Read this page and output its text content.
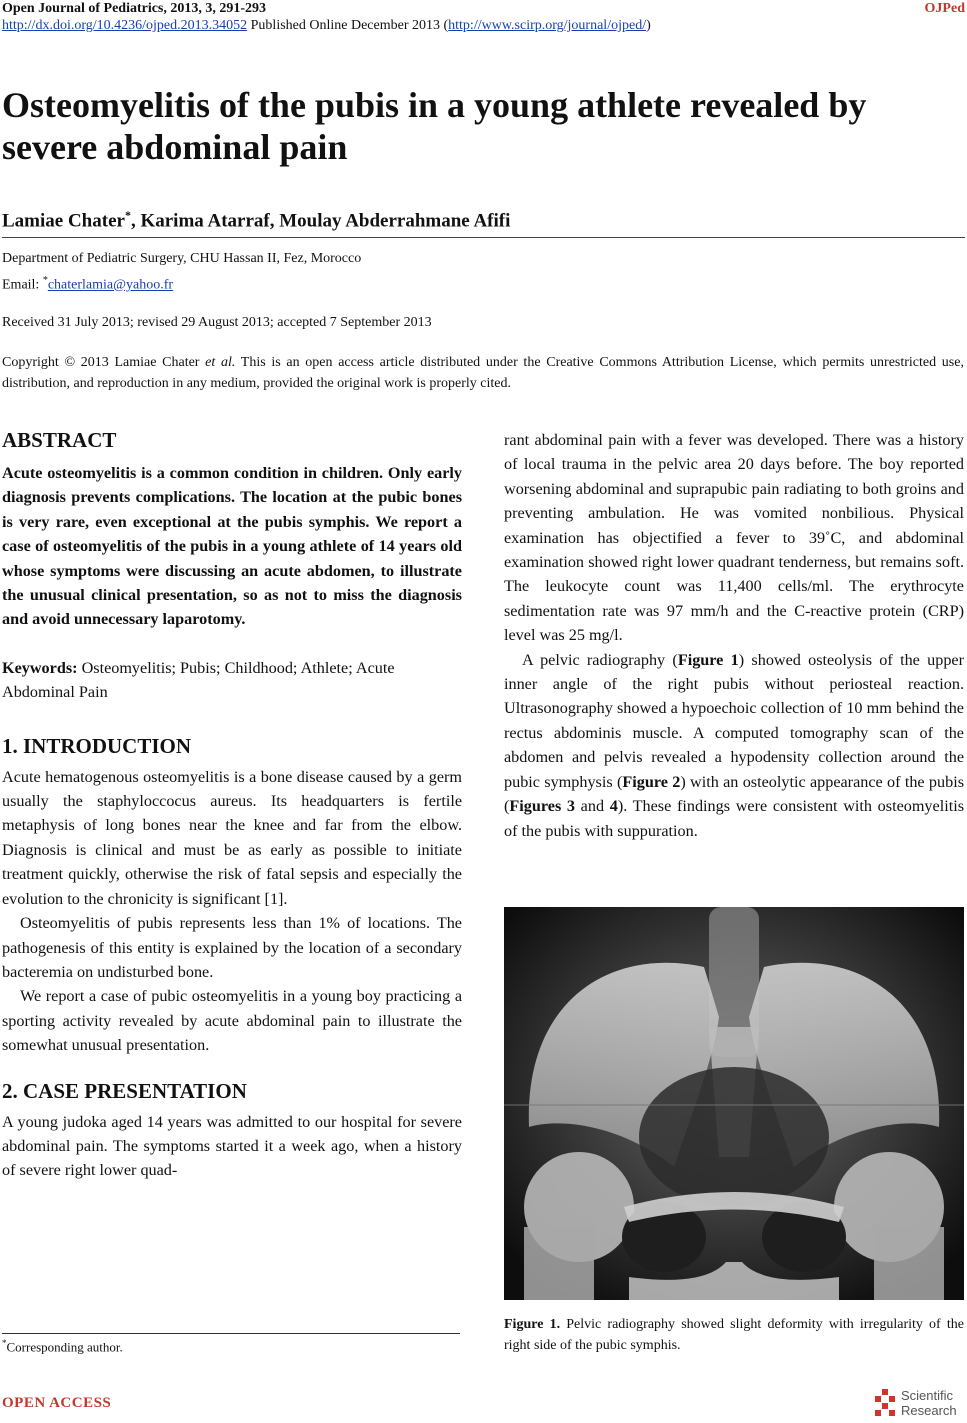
Open Journal of Pediatrics, 2013, 3, 291-293	OJPed
http://dx.doi.org/10.4236/ojped.2013.34052 Published Online December 2013 (http://www.scirp.org/journal/ojped/)
Osteomyelitis of the pubis in a young athlete revealed by severe abdominal pain
Lamiae Chater*, Karima Atarraf, Moulay Abderrahmane Afifi
Department of Pediatric Surgery, CHU Hassan II, Fez, Morocco
Email: *chaterlamia@yahoo.fr
Received 31 July 2013; revised 29 August 2013; accepted 7 September 2013
Copyright © 2013 Lamiae Chater et al. This is an open access article distributed under the Creative Commons Attribution License, which permits unrestricted use, distribution, and reproduction in any medium, provided the original work is properly cited.
ABSTRACT

Acute osteomyelitis is a common condition in children. Only early diagnosis prevents complications. The location at the pubic bones is very rare, even exceptional at the pubis symphis. We report a case of osteomyelitis of the pubis in a young athlete of 14 years old whose symptoms were discussing an acute abdomen, to illustrate the unusual clinical presentation, so as not to miss the diagnosis and avoid unnecessary laparotomy.

Keywords: Osteomyelitis; Pubis; Childhood; Athlete; Acute Abdominal Pain

1. INTRODUCTION

Acute hematogenous osteomyelitis is a bone disease caused by a germ usually the staphyloccocus aureus. Its headquarters is fertile metaphysis of long bones near the knee and far from the elbow. Diagnosis is clinical and must be as early as possible to initiate treatment quickly, otherwise the risk of fatal sepsis and especially the evolution to the chronicity is significant [1].

Osteomyelitis of pubis represents less than 1% of locations. The pathogenesis of this entity is explained by the location of a secondary bacteremia on undisturbed bone.

We report a case of pubic osteomyelitis in a young boy practicing a sporting activity revealed by acute abdominal pain to illustrate the somewhat unusual presentation.

2. CASE PRESENTATION

A young judoka aged 14 years was admitted to our hospital for severe abdominal pain. The symptoms started it a week ago, when a history of severe right lower quad-

rant abdominal pain with a fever was developed. There was a history of local trauma in the pelvic area 20 days before. The boy reported worsening abdominal and suprapubic pain radiating to both groins and preventing ambulation. He was vomited nonbilious. Physical examination has objectified a fever to 39˚C, and abdominal examination showed right lower quadrant tenderness, but remains soft. The leukocyte count was 11,400 cells/ml. The erythrocyte sedimentation rate was 97 mm/h and the C-reactive protein (CRP) level was 25 mg/l.

A pelvic radiography (Figure 1) showed osteolysis of the upper inner angle of the right pubis without periosteal reaction. Ultrasonography showed a hypoechoic collection of 10 mm behind the rectus abdominis muscle. A computed tomography scan of the abdomen and pelvis revealed a hypodensity collection around the pubic symphysis (Figure 2) with an osteolytic appearance of the pubis (Figures 3 and 4). These findings were consistent with osteomyelitis of the pubis with suppuration.

Figure 1. Pelvic radiography showed slight deformity with irregularity of the right side of the pubic symphis.
*Corresponding author.
OPEN ACCESS	Scientific
Research
